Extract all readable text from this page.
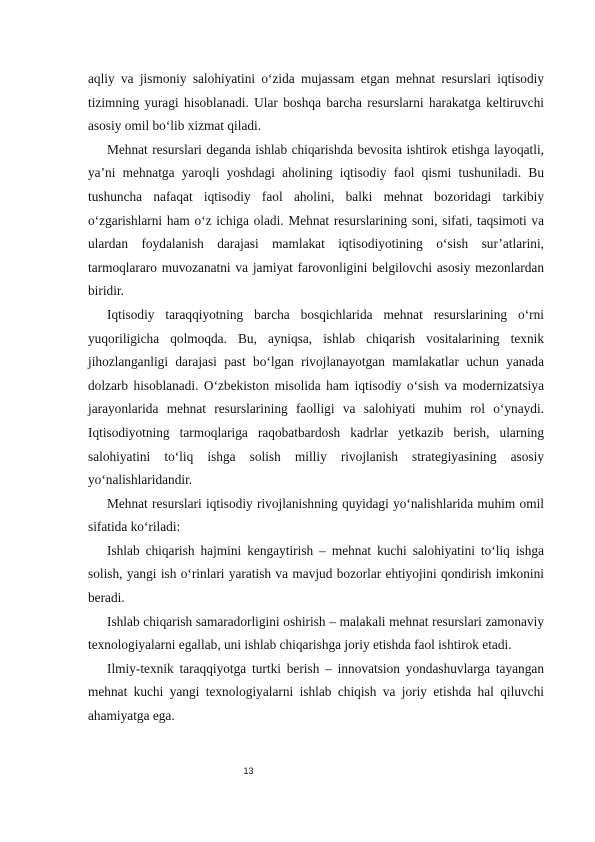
aqliy va jismoniy salohiyatini o‘zida mujassam etgan mehnat resurslari iqtisodiy tizimning yuragi hisoblanadi. Ular boshqa barcha resurslarni harakatga keltiruvchi asosiy omil bo‘lib xizmat qiladi.

Mehnat resurslari deganda ishlab chiqarishda bevosita ishtirok etishga layoqatli, ya’ni mehnatga yaroqli yoshdagi aholining iqtisodiy faol qismi tushuniladi. Bu tushuncha nafaqat iqtisodiy faol aholini, balki mehnat bozoridagi tarkibiy o‘zgarishlarni ham o‘z ichiga oladi. Mehnat resurslarining soni, sifati, taqsimoti va ulardan foydalanish darajasi mamlakat iqtisodiyotining o‘sish sur’atlarini, tarmoqlararo muvozanatni va jamiyat farovonligini belgilovchi asosiy mezonlardan biridir.

Iqtisodiy taraqqiyotning barcha bosqichlarida mehnat resurslarining o‘rni yuqoriligicha qolmoqda. Bu, ayniqsa, ishlab chiqarish vositalarining texnik jihozlanganligi darajasi past bo‘lgan rivojlanayotgan mamlakatlar uchun yanada dolzarb hisoblanadi. O‘zbekiston misolida ham iqtisodiy o‘sish va modernizatsiya jarayonlarida mehnat resurslarining faolligi va salohiyati muhim rol o‘ynaydi. Iqtisodiyotning tarmoqlariga raqobatbardosh kadrlar yetkazib berish, ularning salohiyatini to‘liq ishga solish milliy rivojlanish strategiyasining asosiy yo‘nalishlaridandir.

Mehnat resurslari iqtisodiy rivojlanishning quyidagi yo‘nalishlarida muhim omil sifatida ko‘riladi:

Ishlab chiqarish hajmini kengaytirish – mehnat kuchi salohiyatini to‘liq ishga solish, yangi ish o‘rinlari yaratish va mavjud bozorlar ehtiyojini qondirish imkonini beradi.

Ishlab chiqarish samaradorligini oshirish – malakali mehnat resurslari zamonaviy texnologiyalarni egallab, uni ishlab chiqarishga joriy etishda faol ishtirok etadi.

Ilmiy-texnik taraqqiyotga turtki berish – innovatsion yondashuvlarga tayangan mehnat kuchi yangi texnologiyalarni ishlab chiqish va joriy etishda hal qiluvchi ahamiyatga ega.

13
